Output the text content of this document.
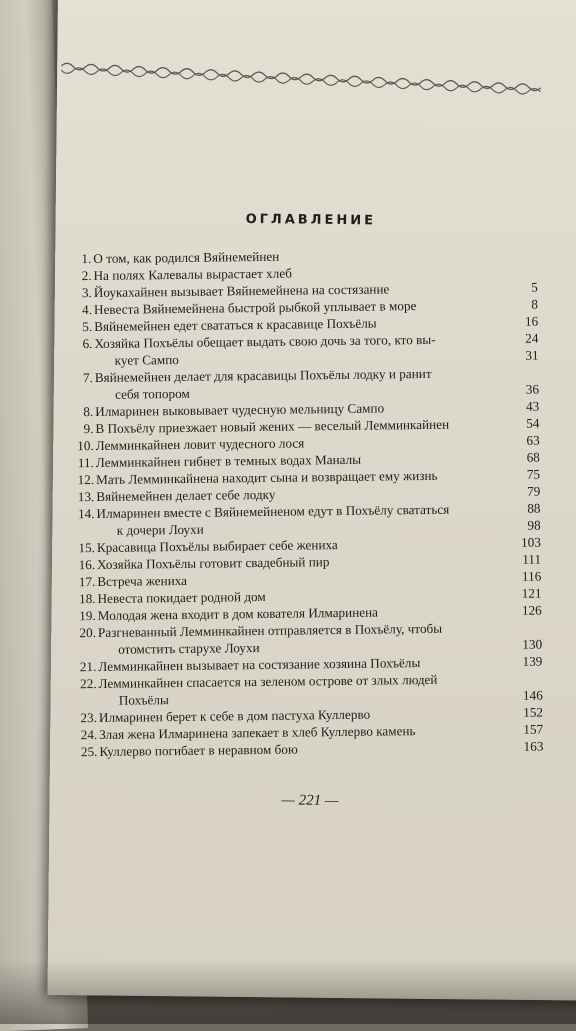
ОГЛАВЛЕНИЕ
1. О том, как родился Вяйнемейнен
2. На полях Калевалы вырастает хлеб
3. Йоукахайнен вызывает Вяйнемейнена на состязание	5
4. Невеста Вяйнемейнена быстрой рыбкой уплывает в море	8
5. Вяйнемейнен едет свататься к красавице Похъёлы	16
6. Хозяйка Похъёлы обещает выдать свою дочь за того, кто вы-	24
кует Сампо	31
7. Вяйнемейнен делает для красавицы Похъёлы лодку и ранит
себя топором	36
8. Илмаринен выковывает чудесную мельницу Сампо	43
9. В Похъёлу приезжает новый жених — веселый Лемминкайнен	54
10. Лемминкайнен ловит чудесного лося	63
11. Лемминкайнен гибнет в темных водах Маналы	68
12. Мать Лемминкайнена находит сына и возвращает ему жизнь	75
13. Вяйнемейнен делает себе лодку	79
14. Илмаринен вместе с Вяйнемейненом едут в Похъёлу свататься	88
к дочери Лоухи	98
15. Красавица Похъёлы выбирает себе жениха	103
16. Хозяйка Похъёлы готовит свадебный пир	111
17. Встреча жениха	116
18. Невеста покидает родной дом	121
19. Молодая жена входит в дом кователя Илмаринена	126
20. Разгневанный Лемминкайнен отправляется в Похъёлу, чтобы
отомстить старухе Лоухи	130
21. Лемминкайнен вызывает на состязание хозяина Похъёлы	139
22. Лемминкайнен спасается на зеленом острове от злых людей
Похъёлы	146
23. Илмаринен берет к себе в дом пастуха Куллерво	152
24. Злая жена Илмаринена запекает в хлеб Куллерво камень	157
25. Куллерво погибает в неравном бою	163
— 221 —
